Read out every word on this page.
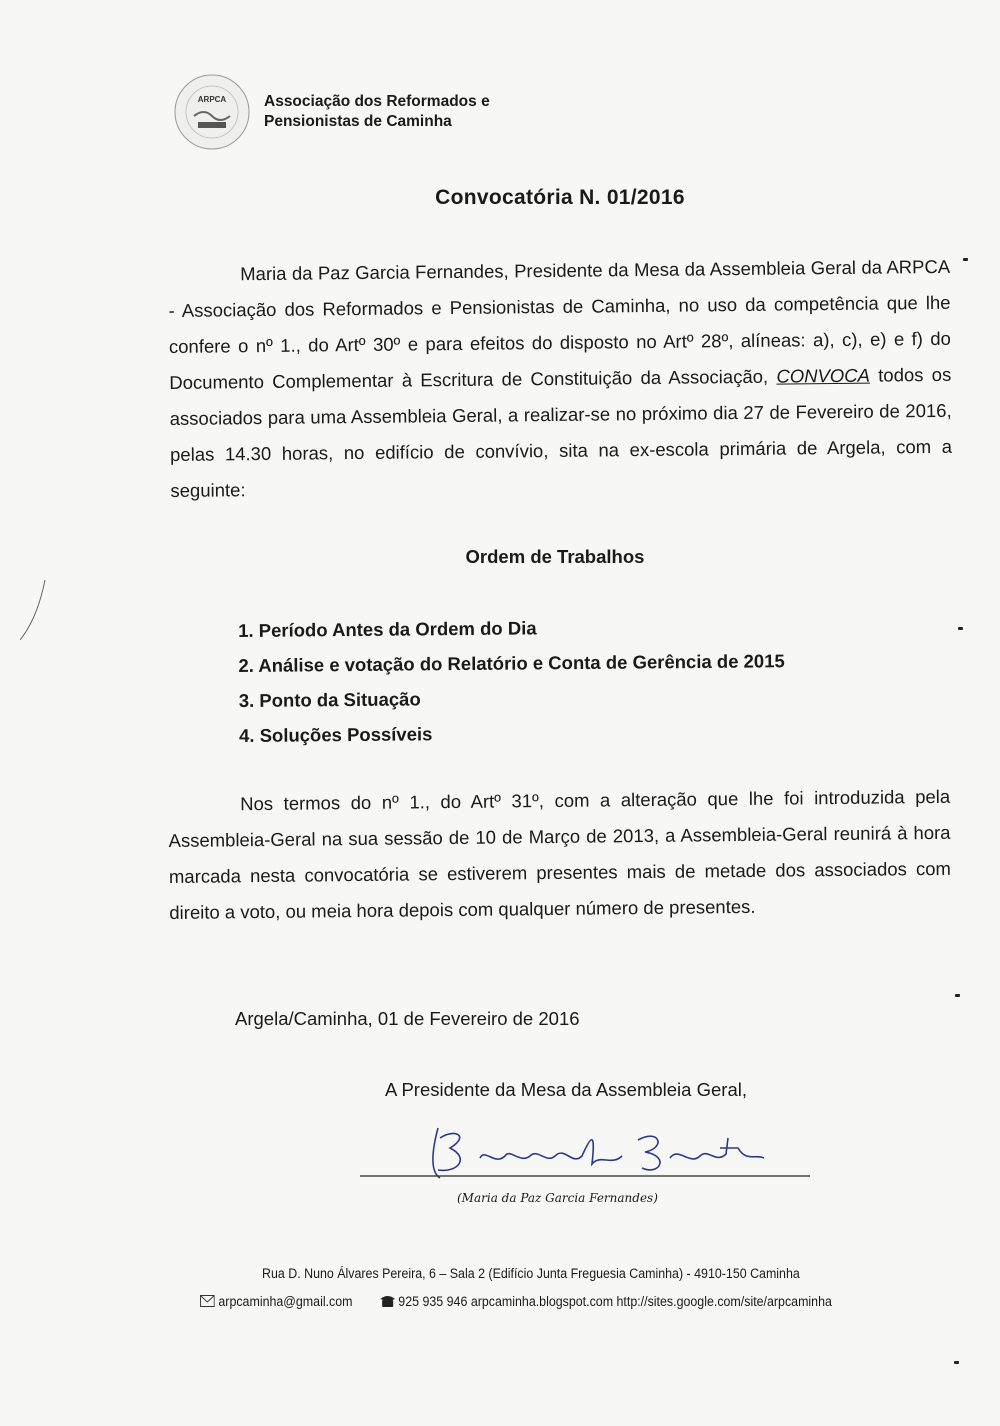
ARPCA Associação dos Reformados e
Pensionistas de Caminha
Convocatória N. 01/2016
Maria da Paz Garcia Fernandes, Presidente da Mesa da Assembleia Geral da ARPCA - Associação dos Reformados e Pensionistas de Caminha, no uso da competência que lhe confere o nº 1., do Artº 30º e para efeitos do disposto no Artº 28º, alíneas: a), c), e) e f) do Documento Complementar à Escritura de Constituição da Associação, CONVOCA todos os associados para uma Assembleia Geral, a realizar-se no próximo dia 27 de Fevereiro de 2016, pelas 14.30 horas, no edifício de convívio, sita na ex-escola primária de Argela, com a seguinte:
Ordem de Trabalhos
1. Período Antes da Ordem do Dia
2. Análise e votação do Relatório e Conta de Gerência de 2015
3. Ponto da Situação
4. Soluções Possíveis
Nos termos do nº 1., do Artº 31º, com a alteração que lhe foi introduzida pela Assembleia-Geral na sua sessão de 10 de Março de 2013, a Assembleia-Geral reunirá à hora marcada nesta convocatória se estiverem presentes mais de metade dos associados com direito a voto, ou meia hora depois com qualquer número de presentes.
Argela/Caminha, 01 de Fevereiro de 2016
A Presidente da Mesa da Assembleia Geral,
(Maria da Paz Garcia Fernandes)
Rua D. Nuno Álvares Pereira, 6 – Sala 2 (Edifício Junta Freguesia Caminha) - 4910-150 Caminha
arpcaminha@gmail.com	925 935 946 arpcaminha.blogspot.com http://sites.google.com/site/arpcaminha
